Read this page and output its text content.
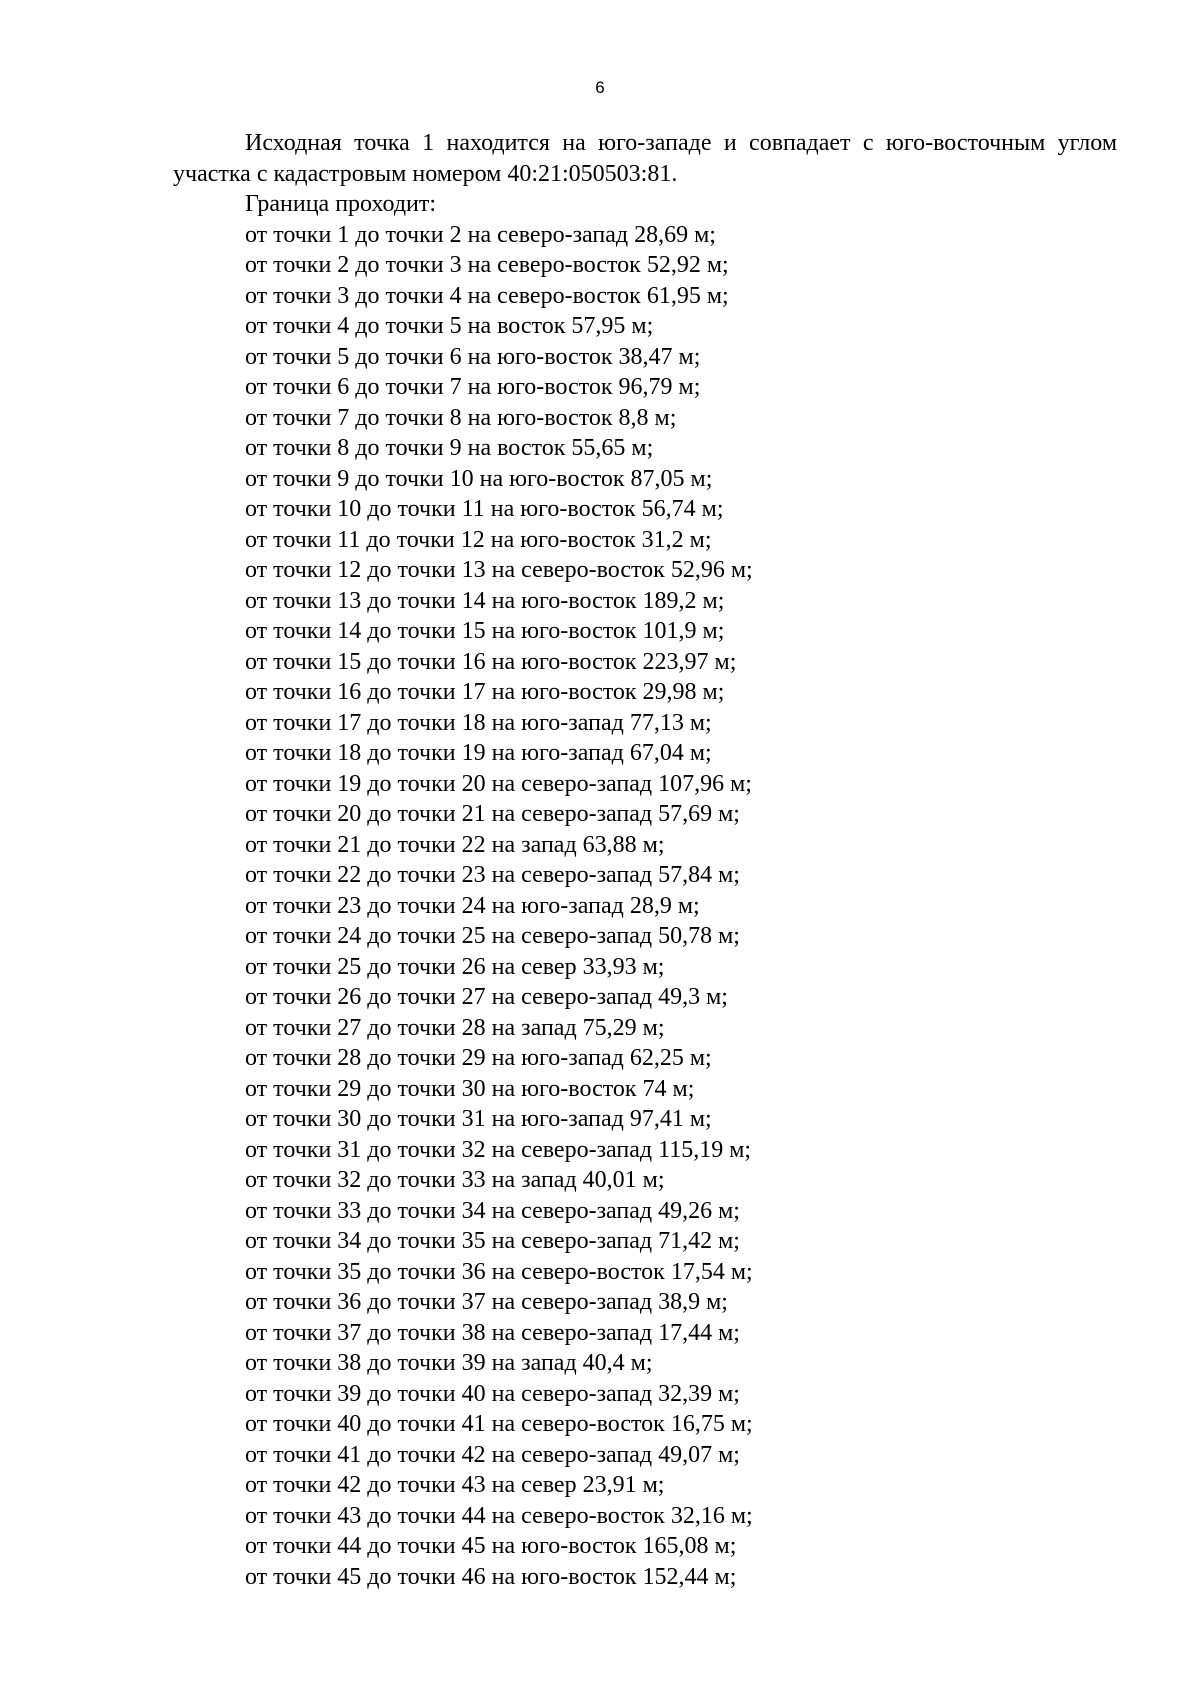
6

Исходная точка 1 находится на юго-западе и совпадает с юго-восточным углом участка с кадастровым номером 40:21:050503:81.

Граница проходит:

от точки 1 до точки 2 на северо-запад 28,69 м;
от точки 2 до точки 3 на северо-восток 52,92 м;
от точки 3 до точки 4 на северо-восток 61,95 м;
от точки 4 до точки 5 на восток 57,95 м;
от точки 5 до точки 6 на юго-восток 38,47 м;
от точки 6 до точки 7 на юго-восток 96,79 м;
от точки 7 до точки 8 на юго-восток 8,8 м;
от точки 8 до точки 9 на восток 55,65 м;
от точки 9 до точки 10 на юго-восток 87,05 м;
от точки 10 до точки 11 на юго-восток 56,74 м;
от точки 11 до точки 12 на юго-восток 31,2 м;
от точки 12 до точки 13 на северо-восток 52,96 м;
от точки 13 до точки 14 на юго-восток 189,2 м;
от точки 14 до точки 15 на юго-восток 101,9 м;
от точки 15 до точки 16 на юго-восток 223,97 м;
от точки 16 до точки 17 на юго-восток 29,98 м;
от точки 17 до точки 18 на юго-запад 77,13 м;
от точки 18 до точки 19 на юго-запад 67,04 м;
от точки 19 до точки 20 на северо-запад 107,96 м;
от точки 20 до точки 21 на северо-запад 57,69 м;
от точки 21 до точки 22 на запад 63,88 м;
от точки 22 до точки 23 на северо-запад 57,84 м;
от точки 23 до точки 24 на юго-запад 28,9 м;
от точки 24 до точки 25 на северо-запад 50,78 м;
от точки 25 до точки 26 на север 33,93 м;
от точки 26 до точки 27 на северо-запад 49,3 м;
от точки 27 до точки 28 на запад 75,29 м;
от точки 28 до точки 29 на юго-запад 62,25 м;
от точки 29 до точки 30 на юго-восток 74 м;
от точки 30 до точки 31 на юго-запад 97,41 м;
от точки 31 до точки 32 на северо-запад 115,19 м;
от точки 32 до точки 33 на запад 40,01 м;
от точки 33 до точки 34 на северо-запад 49,26 м;
от точки 34 до точки 35 на северо-запад 71,42 м;
от точки 35 до точки 36 на северо-восток 17,54 м;
от точки 36 до точки 37 на северо-запад 38,9 м;
от точки 37 до точки 38 на северо-запад 17,44 м;
от точки 38 до точки 39 на запад 40,4 м;
от точки 39 до точки 40 на северо-запад 32,39 м;
от точки 40 до точки 41 на северо-восток 16,75 м;
от точки 41 до точки 42 на северо-запад 49,07 м;
от точки 42 до точки 43 на север 23,91 м;
от точки 43 до точки 44 на северо-восток 32,16 м;
от точки 44 до точки 45 на юго-восток 165,08 м;
от точки 45 до точки 46 на юго-восток 152,44 м;
